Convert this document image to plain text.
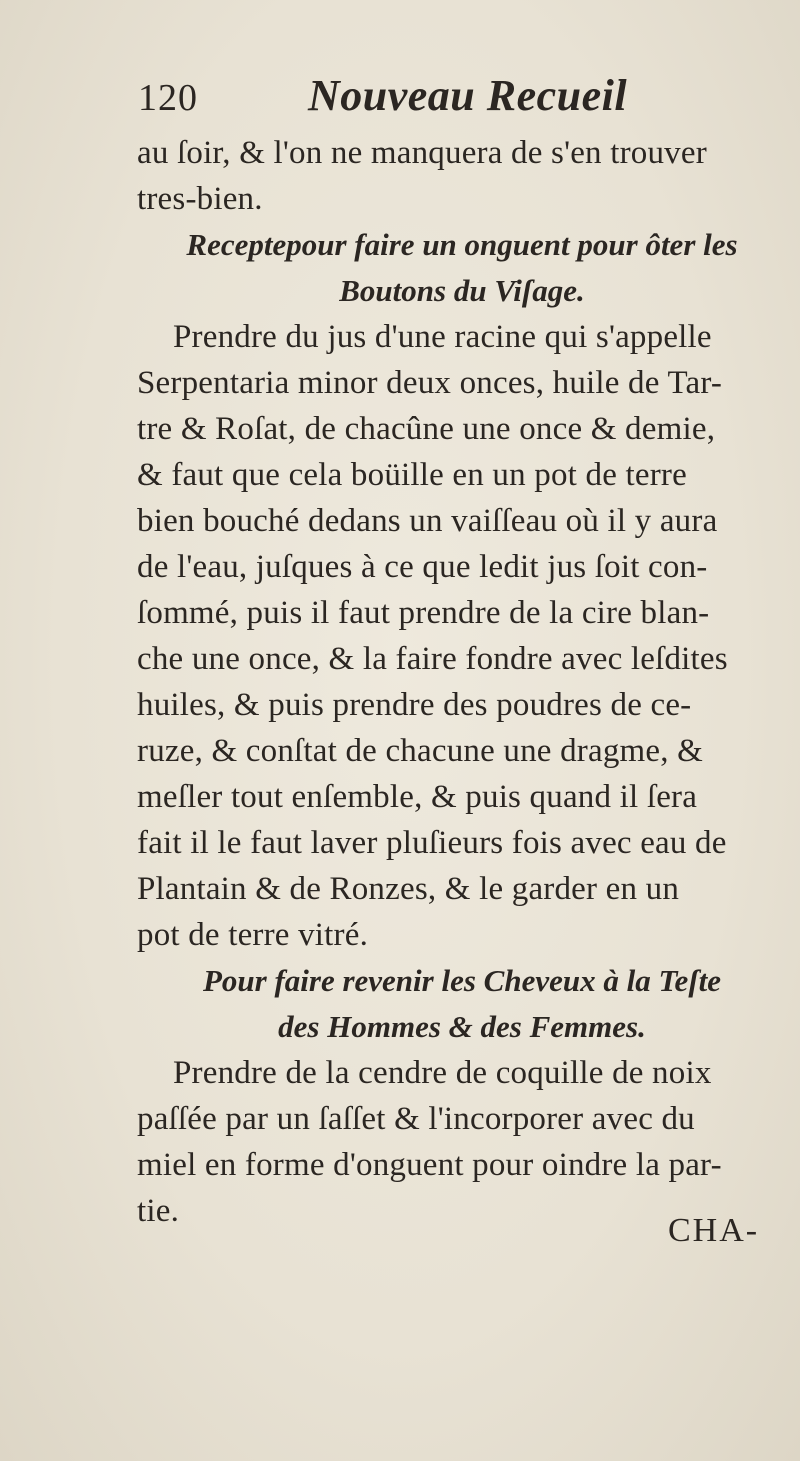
120	Nouveau Recueil
au ſoir, & l'on ne manquera de s'en trouver
tres-bien.
Receptepour faire un onguent pour ôter les
Boutons du Viſage.
Prendre du jus d'une racine qui s'appelle
Serpentaria minor deux onces, huile de Tar-
tre & Roſat, de chacûne une once & demie,
& faut que cela boüille en un pot de terre
bien bouché dedans un vaiſſeau où il y aura
de l'eau, juſques à ce que ledit jus ſoit con-
ſommé, puis il faut prendre de la cire blan-
che une once, & la faire fondre avec leſdites
huiles, & puis prendre des poudres de ce-
ruze, & conſtat de chacune une dragme, &
meſler tout enſemble, & puis quand il ſera
fait il le faut laver pluſieurs fois avec eau de
Plantain & de Ronzes, & le garder en un
pot de terre vitré.
Pour faire revenir les Cheveux à la Teſte
des Hommes & des Femmes.
Prendre de la cendre de coquille de noix
paſſée par un ſaſſet & l'incorporer avec du
miel en forme d'onguent pour oindre la par-
tie.
CHA-
